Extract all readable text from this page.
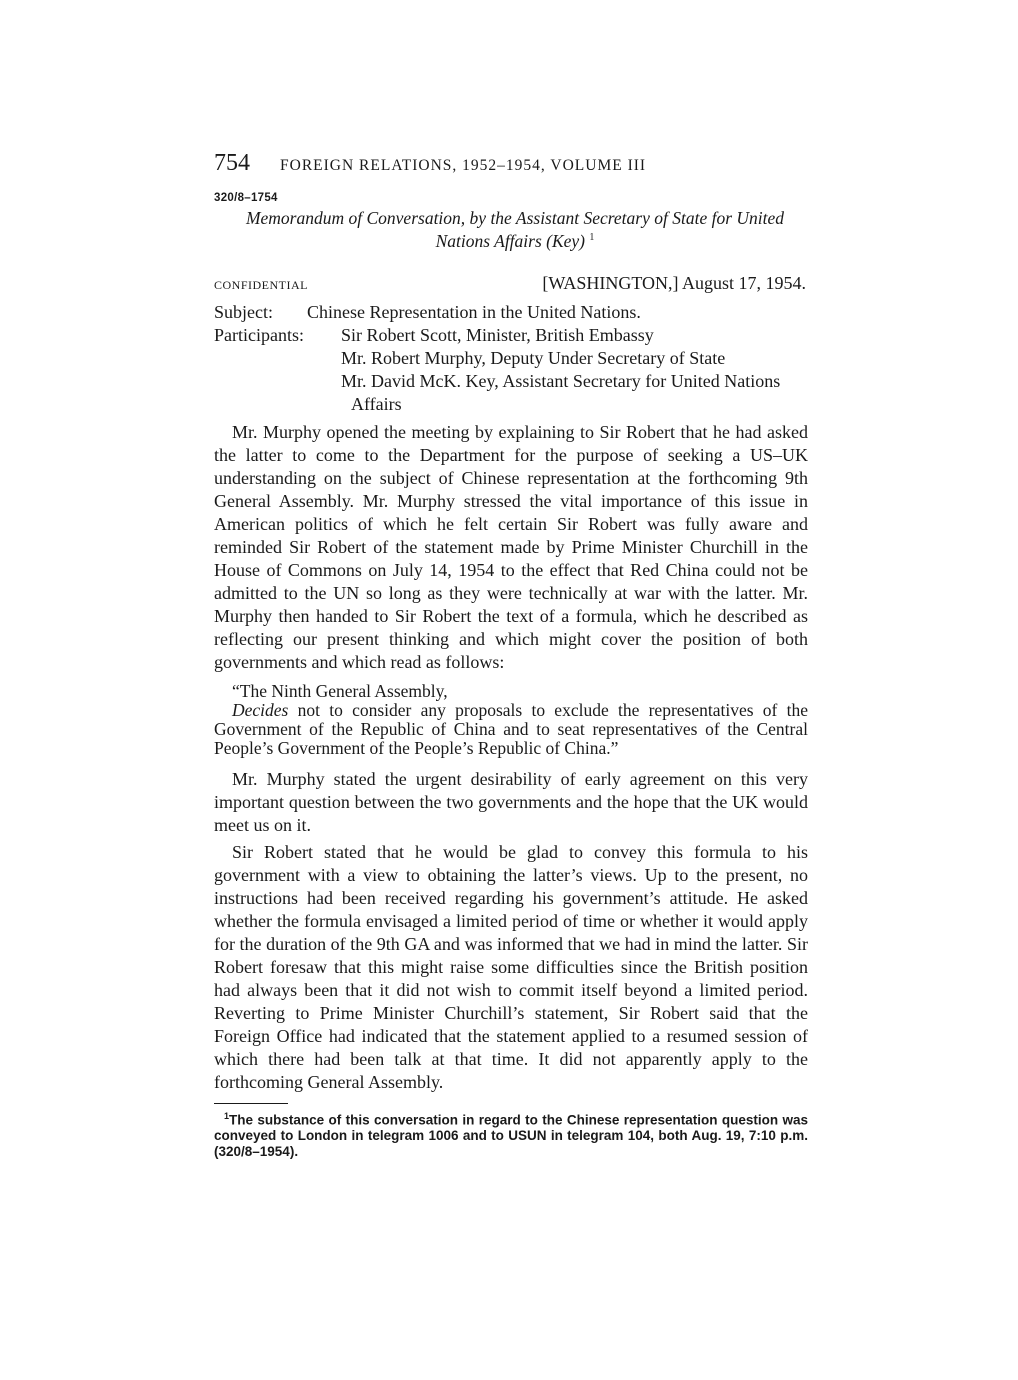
754	FOREIGN RELATIONS, 1952–1954, VOLUME III
320/8–1754
Memorandum of Conversation, by the Assistant Secretary of State for United Nations Affairs (Key) $^1$
CONFIDENTIAL	[WASHINGTON,] August 17, 1954.
Subject:	Chinese Representation in the United Nations.
Participants:	Sir Robert Scott, Minister, British Embassy
Mr. Robert Murphy, Deputy Under Secretary of State
Mr. David McK. Key, Assistant Secretary for United Nations Affairs

Mr. Murphy opened the meeting by explaining to Sir Robert that he had asked the latter to come to the Department for the purpose of seeking a US–UK understanding on the subject of Chinese representation at the forthcoming 9th General Assembly. Mr. Murphy stressed the vital importance of this issue in American politics of which he felt certain Sir Robert was fully aware and reminded Sir Robert of the statement made by Prime Minister Churchill in the House of Commons on July 14, 1954 to the effect that Red China could not be admitted to the UN so long as they were technically at war with the latter. Mr. Murphy then handed to Sir Robert the text of a formula, which he described as reflecting our present thinking and which might cover the position of both governments and which read as follows:

“The Ninth General Assembly,
Decides not to consider any proposals to exclude the representatives of the Government of the Republic of China and to seat representatives of the Central People’s Government of the People’s Republic of China.”

Mr. Murphy stated the urgent desirability of early agreement on this very important question between the two governments and the hope that the UK would meet us on it.

Sir Robert stated that he would be glad to convey this formula to his government with a view to obtaining the latter’s views. Up to the present, no instructions had been received regarding his government’s attitude. He asked whether the formula envisaged a limited period of time or whether it would apply for the duration of the 9th GA and was informed that we had in mind the latter. Sir Robert foresaw that this might raise some difficulties since the British position had always been that it did not wish to commit itself beyond a limited period. Reverting to Prime Minister Churchill’s statement, Sir Robert said that the Foreign Office had indicated that the statement applied to a resumed session of which there had been talk at that time. It did not apparently apply to the forthcoming General Assembly.

$^1$The substance of this conversation in regard to the Chinese representation question was conveyed to London in telegram 1006 and to USUN in telegram 104, both Aug. 19, 7:10 p.m. (320/8–1954).
